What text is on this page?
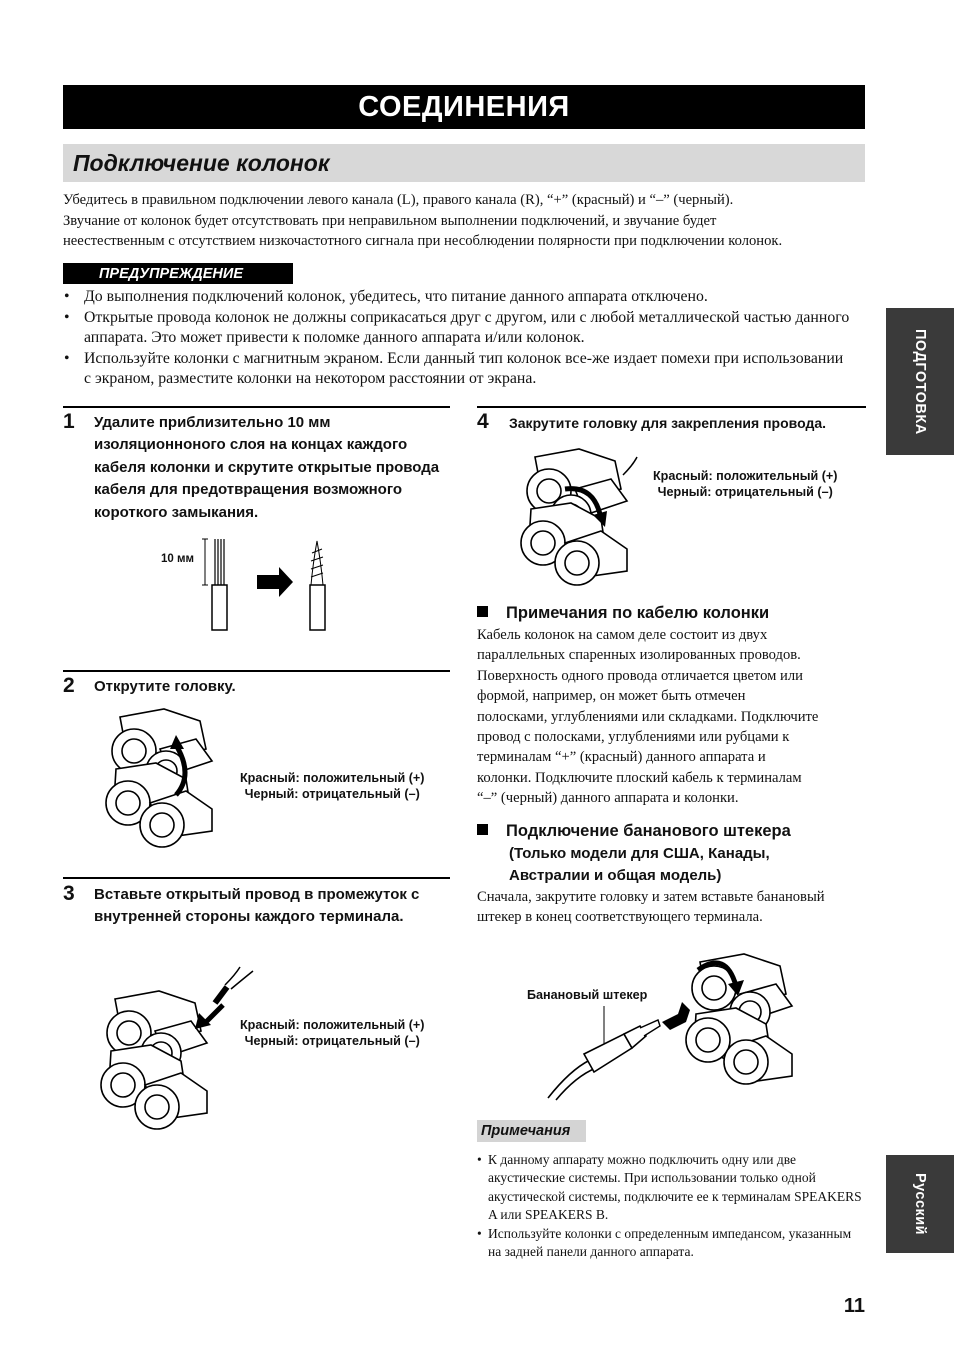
СОЕДИНЕНИЯ
Подключение колонок

Убедитесь в правильном подключении левого канала (L), правого канала (R), “+” (красный) и “–” (черный).

Звучание от колонок будет отсутствовать при неправильном выполнении подключений, и звучание будет

неестественным с отсутствием низкочастотного сигнала при несоблюдении полярности при подключении колонок.

ПРЕДУПРЕЖДЕНИЕ
• До выполнения подключений колонок, убедитесь, что питание данного аппарата отключено.
• Открытые провода колонок не должны соприкасаться друг с другом, или с любой металлической частью данного аппарата. Это может привести к поломке данного аппарата и/или колонок.
• Используйте колонки с магнитным экраном. Если данный тип колонок все-же издает помехи при использовании с экраном, разместите колонки на некотором расстоянии от экрана.	ПОДГОТОВКА
Русский
1 Удалите приблизительно 10 мм изоляционноного слоя на концах каждого кабеля колонки и скрутите открытые провода кабеля для предотвращения возможного короткого замыкания.
10 мм
2 Открутите головку.
Красный: положительный (+)
Черный: отрицательный (–)
3 Вставьте открытый провод в промежуток с внутренней стороны каждого терминала.
Красный: положительный (+)
Черный: отрицательный (–)
4 Закрутите головку для закрепления провода.
Красный: положительный (+)
Черный: отрицательный (–)
Примечания по кабелю колонки

Кабель колонок на самом деле состоит из двух

параллельных спаренных изолированных проводов.

Поверхность одного провода отличается цветом или

формой, например, он может быть отмечен

полосками, углублениями или складками. Подключите

провод с полосками, углублениями или рубцами к

терминалам “+” (красный) данного аппарата и

колонки. Подключите плоский кабель к терминалам

“–” (черный) данного аппарата и колонки.

Подключение бананового штекера
(Только модели для США, Канады, Австралии и общая модель)

Сначала, закрутите головку и затем вставьте банановый

штекер в конец соответствующего терминала.

Банановый штекер
Примечания
• К данному аппарату можно подключить одну или две акустические системы. При использовании только одной акустической системы, подключите ее к терминалам SPEAKERS A или SPEAKERS B.
• Используйте колонки с определенным импедансом, указанным на задней панели данного аппарата.
11
